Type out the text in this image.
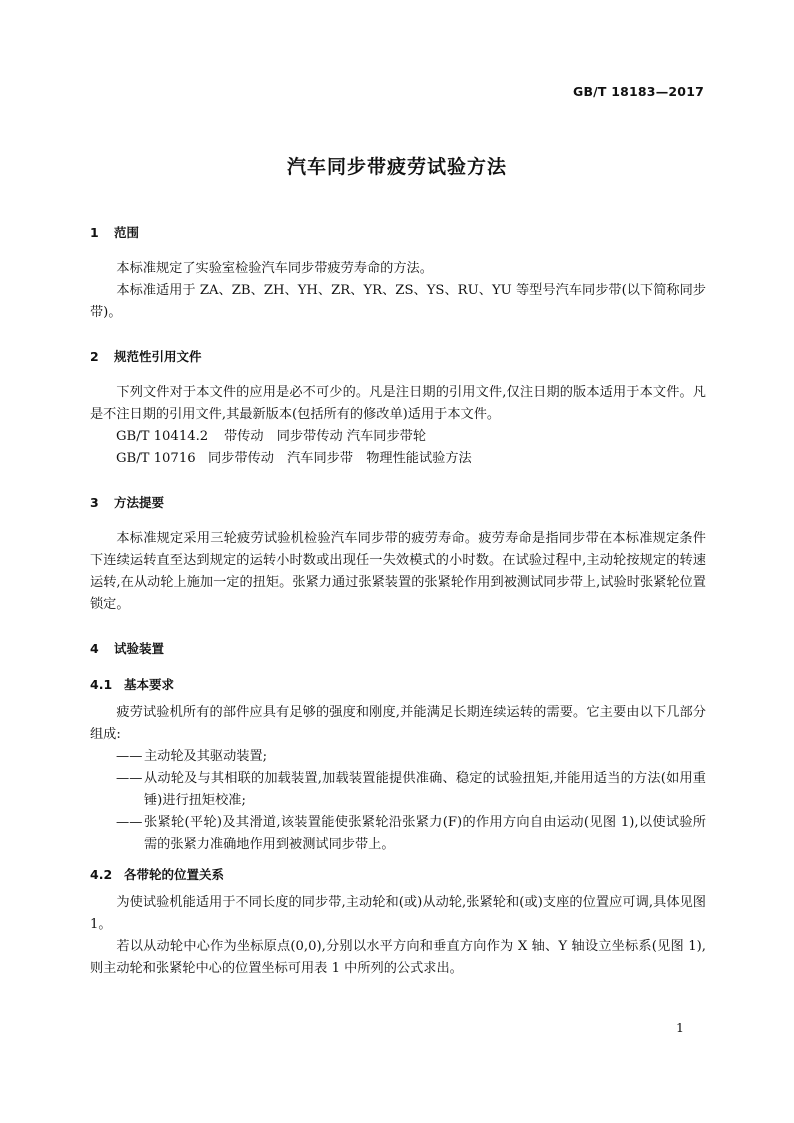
GB/T 18183—2017
汽车同步带疲劳试验方法
1 范围

本标准规定了实验室检验汽车同步带疲劳寿命的方法。

本标准适用于 ZA、ZB、ZH、YH、ZR、YR、ZS、YS、RU、YU 等型号汽车同步带(以下简称同步带)。

2 规范性引用文件

下列文件对于本文件的应用是必不可少的。凡是注日期的引用文件,仅注日期的版本适用于本文件。凡是不注日期的引用文件,其最新版本(包括所有的修改单)适用于本文件。

GB/T 10414.2 带传动　同步带传动 汽车同步带轮

GB/T 10716 同步带传动　汽车同步带　物理性能试验方法

3 方法提要

本标准规定采用三轮疲劳试验机检验汽车同步带的疲劳寿命。疲劳寿命是指同步带在本标准规定条件下连续运转直至达到规定的运转小时数或出现任一失效模式的小时数。在试验过程中,主动轮按规定的转速运转,在从动轮上施加一定的扭矩。张紧力通过张紧装置的张紧轮作用到被测试同步带上,试验时张紧轮位置锁定。

4 试验装置
4.1 基本要求

疲劳试验机所有的部件应具有足够的强度和刚度,并能满足长期连续运转的需要。它主要由以下几部分组成:

—— 主动轮及其驱动装置;

—— 从动轮及与其相联的加载装置,加载装置能提供准确、稳定的试验扭矩,并能用适当的方法(如用重锤)进行扭矩校准;

—— 张紧轮(平轮)及其滑道,该装置能使张紧轮沿张紧力(F)的作用方向自由运动(见图 1),以使试验所需的张紧力准确地作用到被测试同步带上。

4.2 各带轮的位置关系

为使试验机能适用于不同长度的同步带,主动轮和(或)从动轮,张紧轮和(或)支座的位置应可调,具体见图 1。

若以从动轮中心作为坐标原点(0,0),分别以水平方向和垂直方向作为 X 轴、Y 轴设立坐标系(见图 1),则主动轮和张紧轮中心的位置坐标可用表 1 中所列的公式求出。

1
